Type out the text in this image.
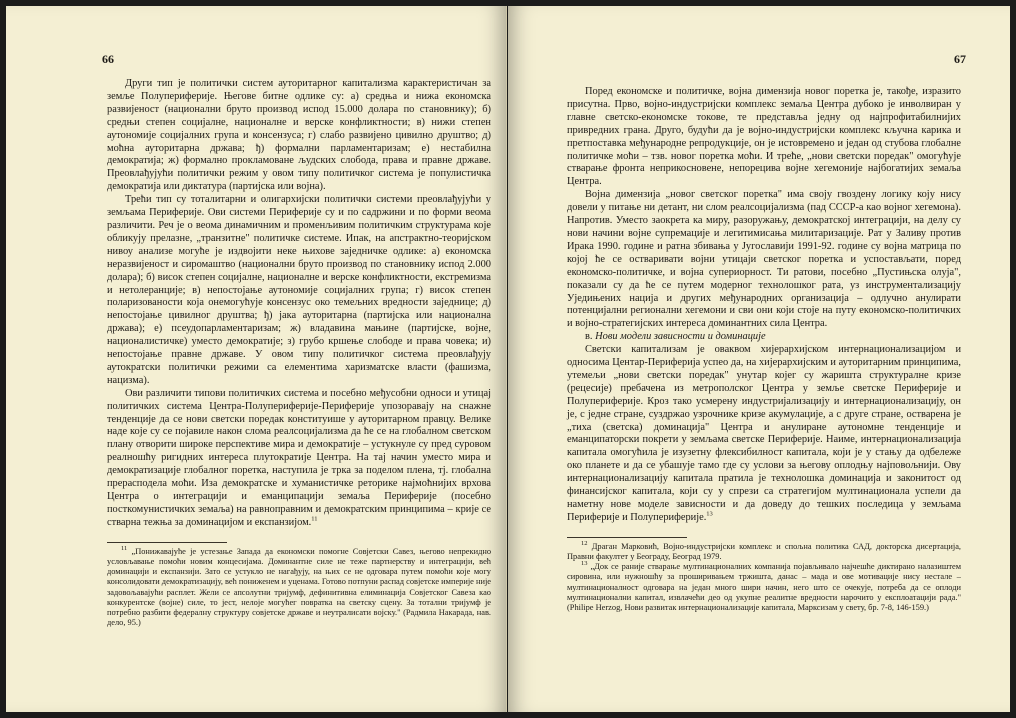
66

Други тип је политички систем ауторитарног капитализма карактеристичан за земље Полупериферије. Његове битне одлике су: а) средња и нижа економска развијеност (национални бруто производ испод 15.000 долара по становнику); б) средњи степен социјалне, националне и верске конфликтности; в) нижи степен аутономије социјалних група и консензуса; г) слабо развијено цивилно друштво; д) моћна ауторитарна држава; ђ) формални парламентаризам; е) нестабилна демократија; ж) формално прокламоване људских слобода, права и правне државе. Преовлађујући политички режим у овом типу политичког система је популистичка демократија или диктатура (партијска или војна).

Трећи тип су тоталитарни и олигархијски политички системи преовлађујући у земљама Периферије. Ови системи Периферије су и по садржини и по форми веома различити. Реч је о веома динамичним и променљивим политичким структурама које обликују прелазне, „транзитне" политичке системе. Ипак, на апстрактно-теоријском нивоу анализе могуће је издвојити неке њихове заједничке одлике: а) економска неразвијеност и сиромаштво (национални бруто производ по становнику испод 2.000 долара); б) висок степен социјалне, националне и верске конфликтности, екстремизма и нетолеранције; в) непостојање аутономије социјалних група; г) висок степен поларизованости која онемогућује консензус око темељних вредности заједнице; д) непостојање цивилног друштва; ђ) јака ауторитарна (партијска или национална држава); е) псеудопарламентаризам; ж) владавина мањине (партијске, војне, националистичке) уместо демократије; з) грубо кршење слободе и права човека; и) непостојање правне државе. У овом типу политичког система преовлађују аутократски политички режими са елементима харизматске власти (фашизма, нацизма).

Ови различити типови политичких система и посебно међусобни односи и утицај политичких система Центра-Полупериферије-Периферије упозоравају на снажне тенденције да се нови светски поредак конституише у ауторитарном правцу. Велике наде које су се појавиле након слома реалсоцијализма да ће се на глобалном светском плану отворити широке перспективе мира и демократије – устукнуле су пред суровом реалношћу ригидних интереса плутократије Центра. На тај начин уместо мира и демократизације глобалног поретка, наступила је трка за поделом плена, тј. глобална прерасподела моћи. Иза демократске и хуманистичке реторике најмоћнијих врхова Центра о интеграцији и еманципацији земаља Периферије (посебно посткомунистичких земаља) на равноправним и демократским принципима – крије се стварна тежња за доминацијом и експанзијом.$^{11}$

$^{11}$ „Понижавајуће је устезање Запада да економски помогне Совјетски Савез, његово непрекидно условљавање помоћи новим концесијама. Доминантне силе не теже партнерству и интеграцији, већ доминацији и експанзији. Зато се устукло не нагађују, на њих се не одговара путем помоћи које могу консолидовати демократизацију, већ пониженем и уценама. Готово потпуни распад совјетске империје није задовољавајући расплет. Жели се апсолутни тријумф, дефинитивна елиминација Совјетског Савеза као конкурентске (војне) силе, то јест, нелоје могућег повратка на светску сцену. За тотални тријумф је потребно разбити федералну структуру совјетске државе и неутралисати војску." (Радмила Накарада, нав. дело, 95.)

67

Поред економске и политичке, војна димензија новог поретка је, такође, изразито присутна. Прво, војно-индустријски комплекс земаља Центра дубоко је инволвиран у главне светско-економске токове, те представља једну од најпрофитабилнијих привредних грана. Друго, будући да је војно-индустријски комплекс кључна карика и претпоставка међународне репродукције, он је истовремено и један од стубова глобалне политичке моћи – тзв. новог поретка моћи. И треће, „нови светски поредак" омогућује стварање фронта неприкосновене, непорецива војне хегемоније најбогатијих земаља Центра.

Војна димензија „новог светског поретка" има своју гвоздену логику коју нису довели у питање ни детант, ни слом реалсоцијализма (пад СССР-а као војног хегемона). Напротив. Уместо заокрета ка миру, разоружању, демократској интеграцији, на делу су нови начини војне супремације и легитимисања милитаризације. Рат у Заливу против Ирака 1990. године и ратна збивања у Југославији 1991-92. године су војна матрица по којој ће се остваривати војни утицаји светског поретка и успостављати, поред економско-политичке, и војна супериорност. Ти ратови, посебно „Пустињска олуја", показали су да ће се путем модерног технолошког рата, уз инструментализацију Уједињених нација и других међународних организација – одлучно анулирати потенцијални регионални хегемони и сви они који стоје на путу економско-политичких и војно-стратегијских интереса доминантних сила Центра.

в. Нови модели зависности и доминације

Светски капитализам је оваквом хијерархијском интернационализацијом и односима Центар-Периферија успео да, на хијерархијским и ауторитарним принципима, утемељи „нови светски поредак" унутар којег су жаришта структуралне кризе (рецесије) пребачена из метрополског Центра у земље светске Периферије и Полупериферије. Кроз тако усмерену индустријализацију и интернационализацију, он је, с једне стране, суздржао узрочнике кризе акумулације, а с друге стране, остварена је „тиха (светска) доминација" Центра и анулиране аутономне тенденције и еманципаторски покрети у земљама светске Периферије. Наиме, интернационализација капитала омогућила је изузетну флексибилност капитала, који је у стању да одбележе око планете и да се убашује тамо где су услови за његову оплодњу најповољнији. Ову интернационализацију капитала пратила је технолошка доминација и законитост од финансијског капитала, који су у спрези са стратегијом мултинационала успели да наметну нове моделе зависности и да доведу до тешких последица у земљама Периферије и Полупериферије.$^{13}$

$^{12}$ Драган Марковић, Војно-индустријски комплекс и спољна политика САД, докторска дисертација, Правни факултет у Београду, Београд 1979.

$^{13}$ „Док се раније стварање мултинационалних компанија појављивало најчешће диктирано налазиштем сировина, или нужношћу за проширивањем тржишта, данас – мада и ове мотивације нису нестале – мултинационалност одговара на један много шири начин, него што се очекује, потреба да се оплоди мултинационални капитал, извлачећи део од укупне реалитне вредности нарочито у експлоатацији рада." (Philipe Herzog, Нови развитак интернационализације капитала, Марксизам у свету, бр. 7-8, 146-159.)
